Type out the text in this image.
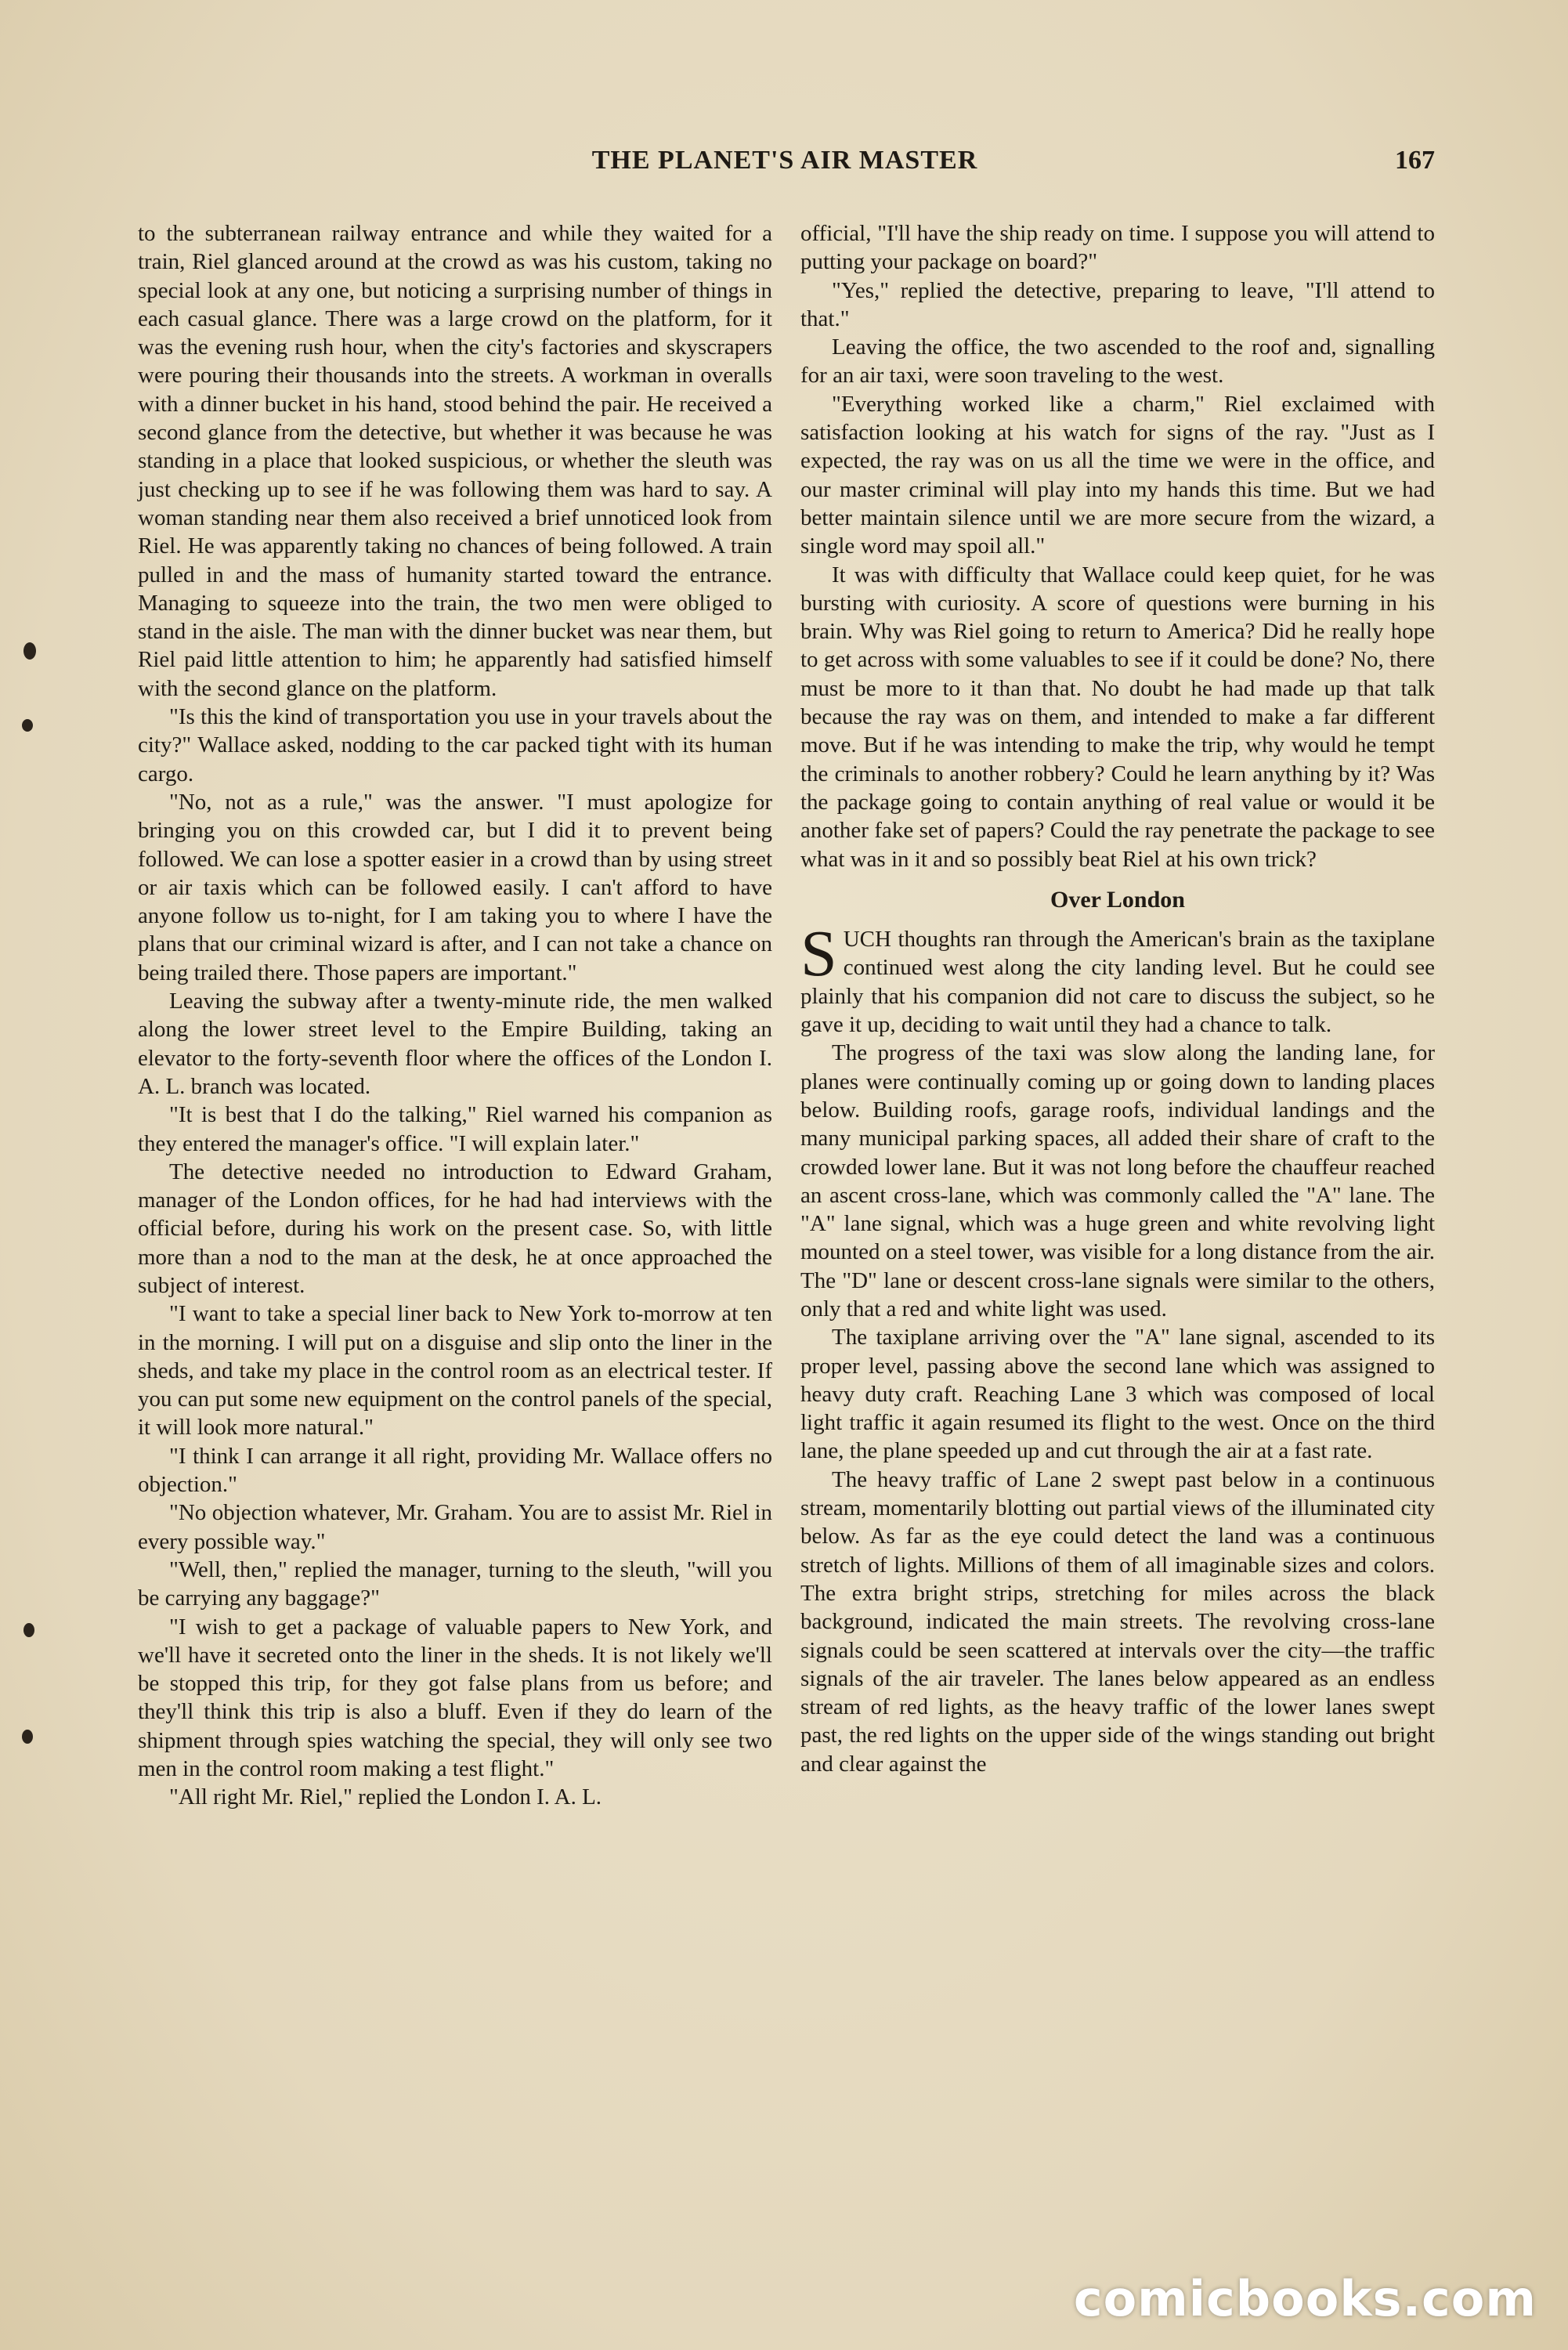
THE PLANET'S AIR MASTER	167

to the subterranean railway entrance and while they waited for a train, Riel glanced around at the crowd as was his custom, taking no special look at any one, but noticing a surprising number of things in each casual glance. There was a large crowd on the platform, for it was the evening rush hour, when the city's factories and skyscrapers were pouring their thousands into the streets. A workman in overalls with a dinner bucket in his hand, stood behind the pair. He received a second glance from the detective, but whether it was because he was standing in a place that looked suspicious, or whether the sleuth was just checking up to see if he was following them was hard to say. A woman standing near them also received a brief unnoticed look from Riel. He was apparently taking no chances of being followed. A train pulled in and the mass of humanity started toward the entrance. Managing to squeeze into the train, the two men were obliged to stand in the aisle. The man with the dinner bucket was near them, but Riel paid little attention to him; he apparently had satisfied himself with the second glance on the platform.

"Is this the kind of transportation you use in your travels about the city?" Wallace asked, nodding to the car packed tight with its human cargo.

"No, not as a rule," was the answer. "I must apologize for bringing you on this crowded car, but I did it to prevent being followed. We can lose a spotter easier in a crowd than by using street or air taxis which can be followed easily. I can't afford to have anyone follow us to-night, for I am taking you to where I have the plans that our criminal wizard is after, and I can not take a chance on being trailed there. Those papers are important."

Leaving the subway after a twenty-minute ride, the men walked along the lower street level to the Empire Building, taking an elevator to the forty-seventh floor where the offices of the London I. A. L. branch was located.

"It is best that I do the talking," Riel warned his companion as they entered the manager's office. "I will explain later."

The detective needed no introduction to Edward Graham, manager of the London offices, for he had had interviews with the official before, during his work on the present case. So, with little more than a nod to the man at the desk, he at once approached the subject of interest.

"I want to take a special liner back to New York to-morrow at ten in the morning. I will put on a disguise and slip onto the liner in the sheds, and take my place in the control room as an electrical tester. If you can put some new equipment on the control panels of the special, it will look more natural."

"I think I can arrange it all right, providing Mr. Wallace offers no objection."

"No objection whatever, Mr. Graham. You are to assist Mr. Riel in every possible way."

"Well, then," replied the manager, turning to the sleuth, "will you be carrying any baggage?"

"I wish to get a package of valuable papers to New York, and we'll have it secreted onto the liner in the sheds. It is not likely we'll be stopped this trip, for they got false plans from us before; and they'll think this trip is also a bluff. Even if they do learn of the shipment through spies watching the special, they will only see two men in the control room making a test flight."

"All right Mr. Riel," replied the London I. A. L.

official, "I'll have the ship ready on time. I suppose you will attend to putting your package on board?"

"Yes," replied the detective, preparing to leave, "I'll attend to that."

Leaving the office, the two ascended to the roof and, signalling for an air taxi, were soon traveling to the west.

"Everything worked like a charm," Riel exclaimed with satisfaction looking at his watch for signs of the ray. "Just as I expected, the ray was on us all the time we were in the office, and our master criminal will play into my hands this time. But we had better maintain silence until we are more secure from the wizard, a single word may spoil all."

It was with difficulty that Wallace could keep quiet, for he was bursting with curiosity. A score of questions were burning in his brain. Why was Riel going to return to America? Did he really hope to get across with some valuables to see if it could be done? No, there must be more to it than that. No doubt he had made up that talk because the ray was on them, and intended to make a far different move. But if he was intending to make the trip, why would he tempt the criminals to another robbery? Could he learn anything by it? Was the package going to contain anything of real value or would it be another fake set of papers? Could the ray penetrate the package to see what was in it and so possibly beat Riel at his own trick?

Over London

SUCH thoughts ran through the American's brain as the taxiplane continued west along the city landing level. But he could see plainly that his companion did not care to discuss the subject, so he gave it up, deciding to wait until they had a chance to talk.

The progress of the taxi was slow along the landing lane, for planes were continually coming up or going down to landing places below. Building roofs, garage roofs, individual landings and the many municipal parking spaces, all added their share of craft to the crowded lower lane. But it was not long before the chauffeur reached an ascent cross-lane, which was commonly called the "A" lane. The "A" lane signal, which was a huge green and white revolving light mounted on a steel tower, was visible for a long distance from the air. The "D" lane or descent cross-lane signals were similar to the others, only that a red and white light was used.

The taxiplane arriving over the "A" lane signal, ascended to its proper level, passing above the second lane which was assigned to heavy duty craft. Reaching Lane 3 which was composed of local light traffic it again resumed its flight to the west. Once on the third lane, the plane speeded up and cut through the air at a fast rate.

The heavy traffic of Lane 2 swept past below in a continuous stream, momentarily blotting out partial views of the illuminated city below. As far as the eye could detect the land was a continuous stretch of lights. Millions of them of all imaginable sizes and colors. The extra bright strips, stretching for miles across the black background, indicated the main streets. The revolving cross-lane signals could be seen scattered at intervals over the city—the traffic signals of the air traveler. The lanes below appeared as an endless stream of red lights, as the heavy traffic of the lower lanes swept past, the red lights on the upper side of the wings standing out bright and clear against the

comicbooks.com
